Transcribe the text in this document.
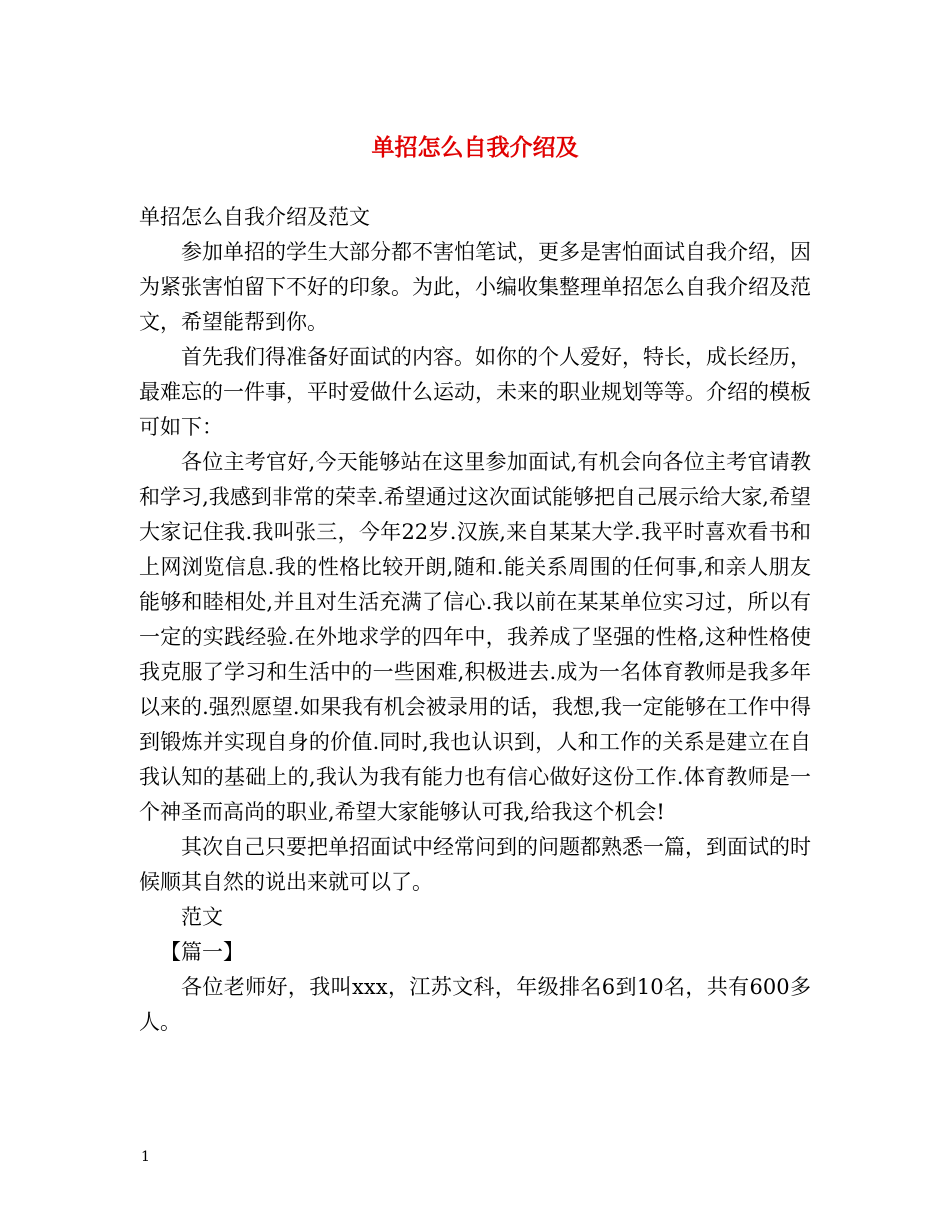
单招怎么自我介绍及

单招怎么自我介绍及范文

参加单招的学生大部分都不害怕笔试，更多是害怕面试自我介绍，因为紧张害怕留下不好的印象。为此，小编收集整理单招怎么自我介绍及范文，希望能帮到你。

首先我们得准备好面试的内容。如你的个人爱好，特长，成长经历，最难忘的一件事，平时爱做什么运动，未来的职业规划等等。介绍的模板可如下：

各位主考官好,今天能够站在这里参加面试,有机会向各位主考官请教和学习,我感到非常的荣幸.希望通过这次面试能够把自己展示给大家,希望大家记住我.我叫张三，今年22岁.汉族,来自某某大学.我平时喜欢看书和上网浏览信息.我的性格比较开朗,随和.能关系周围的任何事,和亲人朋友能够和睦相处,并且对生活充满了信心.我以前在某某单位实习过，所以有一定的实践经验.在外地求学的四年中，我养成了坚强的性格,这种性格使我克服了学习和生活中的一些困难,积极进去.成为一名体育教师是我多年以来的.强烈愿望.如果我有机会被录用的话，我想,我一定能够在工作中得到锻炼并实现自身的价值.同时,我也认识到，人和工作的关系是建立在自我认知的基础上的,我认为我有能力也有信心做好这份工作.体育教师是一个神圣而高尚的职业,希望大家能够认可我,给我这个机会!

其次自己只要把单招面试中经常问到的问题都熟悉一篇，到面试的时候顺其自然的说出来就可以了。

范文

【篇一】

各位老师好，我叫xxx，江苏文科，年级排名6到10名，共有600多人。

1
